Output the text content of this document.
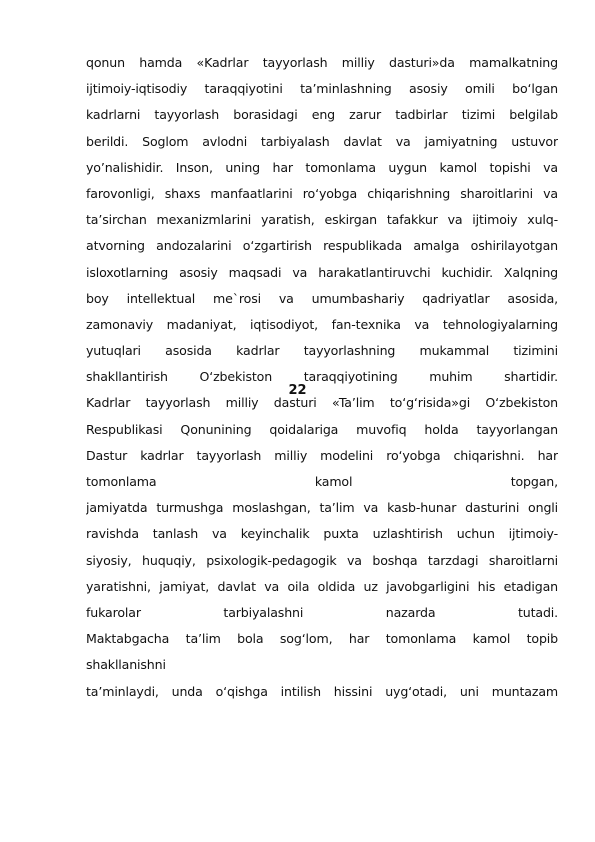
qonun hamda «Kadrlar tayyorlash milliy dasturi»da mamalkatning
ijtimoiy-iqtisodiy taraqqiyotini ta’minlashning asosiy omili bo‘lgan
kadrlarni tayyorlash borasidagi eng zarur tadbirlar tizimi belgilab
berildi. Soglom avlodni tarbiyalash davlat va jamiyatning ustuvor
yo’nalishidir. Inson, uning har tomonlama uygun kamol topishi va
farovonligi, shaxs manfaatlarini ro‘yobga chiqarishning sharoitlarini va
ta’sirchan mexanizmlarini yaratish, eskirgan tafakkur va ijtimoiy xulq-
atvorning andozalarini o‘zgartirish respublikada amalga oshirilayotgan
isloxotlarning asosiy maqsadi va harakatlantiruvchi kuchidir. Xalqning
boy intellektual me`rosi va umumbashariy qadriyatlar asosida,
zamonaviy madaniyat, iqtisodiyot, fan-texnika va tehnologiyalarning
yutuqlari asosida kadrlar tayyorlashning mukammal tizimini
shakllantirish O‘zbekiston taraqqiyotining muhim shartidir.
Kadrlar tayyorlash milliy dasturi «Ta’lim to‘g‘risida»gi O‘zbekiston
Respublikasi Qonunining qoidalariga muvofiq holda tayyorlangan
Dastur kadrlar tayyorlash milliy modelini ro‘yobga chiqarishni. har
tomonlama kamol topgan,
jamiyatda turmushga moslashgan, ta’lim va kasb-hunar dasturini ongli
ravishda tanlash va keyinchalik puxta uzlashtirish uchun ijtimoiy-
siyosiy, huquqiy, psixologik-pedagogik va boshqa tarzdagi sharoitlarni
yaratishni, jamiyat, davlat va oila oldida uz javobgarligini his etadigan
fukarolar tarbiyalashni nazarda tutadi.
Maktabgacha ta’lim bola sog‘lom, har tomonlama kamol topib
shakllanishni
ta’minlaydi, unda o‘qishga intilish hissini uyg‘otadi, uni muntazam
22
